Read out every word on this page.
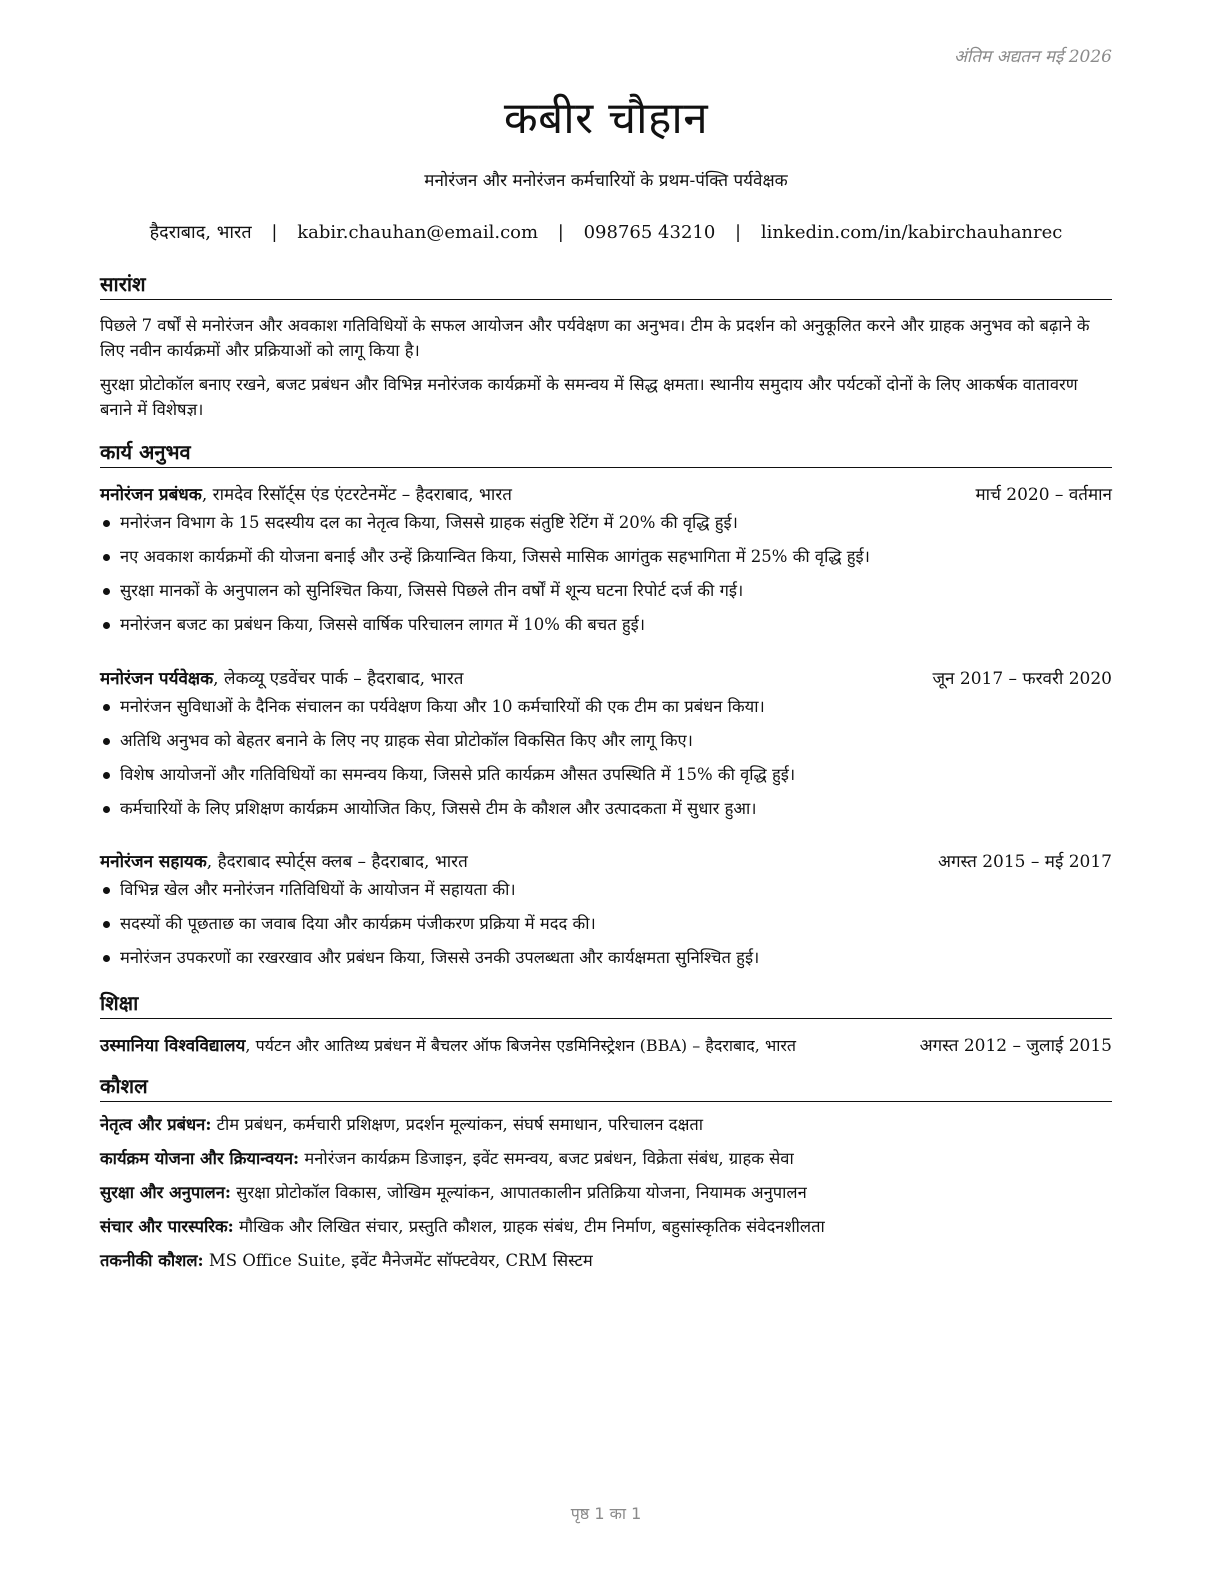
अंतिम अद्यतन मई 2026
कबीर चौहान
मनोरंजन और मनोरंजन कर्मचारियों के प्रथम-पंक्ति पर्यवेक्षक
हैदराबाद, भारत | kabir.chauhan@email.com | 098765 43210 | linkedin.com/in/kabirchauhanrec
सारांश
पिछले 7 वर्षों से मनोरंजन और अवकाश गतिविधियों के सफल आयोजन और पर्यवेक्षण का अनुभव। टीम के प्रदर्शन को अनुकूलित करने और ग्राहक अनुभव को बढ़ाने के लिए नवीन कार्यक्रमों और प्रक्रियाओं को लागू किया है।
सुरक्षा प्रोटोकॉल बनाए रखने, बजट प्रबंधन और विभिन्न मनोरंजक कार्यक्रमों के समन्वय में सिद्ध क्षमता। स्थानीय समुदाय और पर्यटकों दोनों के लिए आकर्षक वातावरण बनाने में विशेषज्ञ।
कार्य अनुभव
मनोरंजन प्रबंधक, रामदेव रिसॉर्ट्स एंड एंटरटेनमेंट – हैदराबाद, भारत	मार्च 2020 – वर्तमान
मनोरंजन विभाग के 15 सदस्यीय दल का नेतृत्व किया, जिससे ग्राहक संतुष्टि रेटिंग में 20% की वृद्धि हुई।
नए अवकाश कार्यक्रमों की योजना बनाई और उन्हें क्रियान्वित किया, जिससे मासिक आगंतुक सहभागिता में 25% की वृद्धि हुई।
सुरक्षा मानकों के अनुपालन को सुनिश्चित किया, जिससे पिछले तीन वर्षों में शून्य घटना रिपोर्ट दर्ज की गई।
मनोरंजन बजट का प्रबंधन किया, जिससे वार्षिक परिचालन लागत में 10% की बचत हुई।
मनोरंजन पर्यवेक्षक, लेकव्यू एडवेंचर पार्क – हैदराबाद, भारत	जून 2017 – फरवरी 2020
मनोरंजन सुविधाओं के दैनिक संचालन का पर्यवेक्षण किया और 10 कर्मचारियों की एक टीम का प्रबंधन किया।
अतिथि अनुभव को बेहतर बनाने के लिए नए ग्राहक सेवा प्रोटोकॉल विकसित किए और लागू किए।
विशेष आयोजनों और गतिविधियों का समन्वय किया, जिससे प्रति कार्यक्रम औसत उपस्थिति में 15% की वृद्धि हुई।
कर्मचारियों के लिए प्रशिक्षण कार्यक्रम आयोजित किए, जिससे टीम के कौशल और उत्पादकता में सुधार हुआ।
मनोरंजन सहायक, हैदराबाद स्पोर्ट्स क्लब – हैदराबाद, भारत	अगस्त 2015 – मई 2017
विभिन्न खेल और मनोरंजन गतिविधियों के आयोजन में सहायता की।
सदस्यों की पूछताछ का जवाब दिया और कार्यक्रम पंजीकरण प्रक्रिया में मदद की।
मनोरंजन उपकरणों का रखरखाव और प्रबंधन किया, जिससे उनकी उपलब्धता और कार्यक्षमता सुनिश्चित हुई।
शिक्षा
उस्मानिया विश्वविद्यालय, पर्यटन और आतिथ्य प्रबंधन में बैचलर ऑफ बिजनेस एडमिनिस्ट्रेशन (BBA) – हैदराबाद, भारत	अगस्त 2012 – जुलाई 2015
कौशल
नेतृत्व और प्रबंधन: टीम प्रबंधन, कर्मचारी प्रशिक्षण, प्रदर्शन मूल्यांकन, संघर्ष समाधान, परिचालन दक्षता
कार्यक्रम योजना और क्रियान्वयन: मनोरंजन कार्यक्रम डिजाइन, इवेंट समन्वय, बजट प्रबंधन, विक्रेता संबंध, ग्राहक सेवा
सुरक्षा और अनुपालन: सुरक्षा प्रोटोकॉल विकास, जोखिम मूल्यांकन, आपातकालीन प्रतिक्रिया योजना, नियामक अनुपालन
संचार और पारस्परिक: मौखिक और लिखित संचार, प्रस्तुति कौशल, ग्राहक संबंध, टीम निर्माण, बहुसांस्कृतिक संवेदनशीलता
तकनीकी कौशल: MS Office Suite, इवेंट मैनेजमेंट सॉफ्टवेयर, CRM सिस्टम
पृष्ठ 1 का 1
